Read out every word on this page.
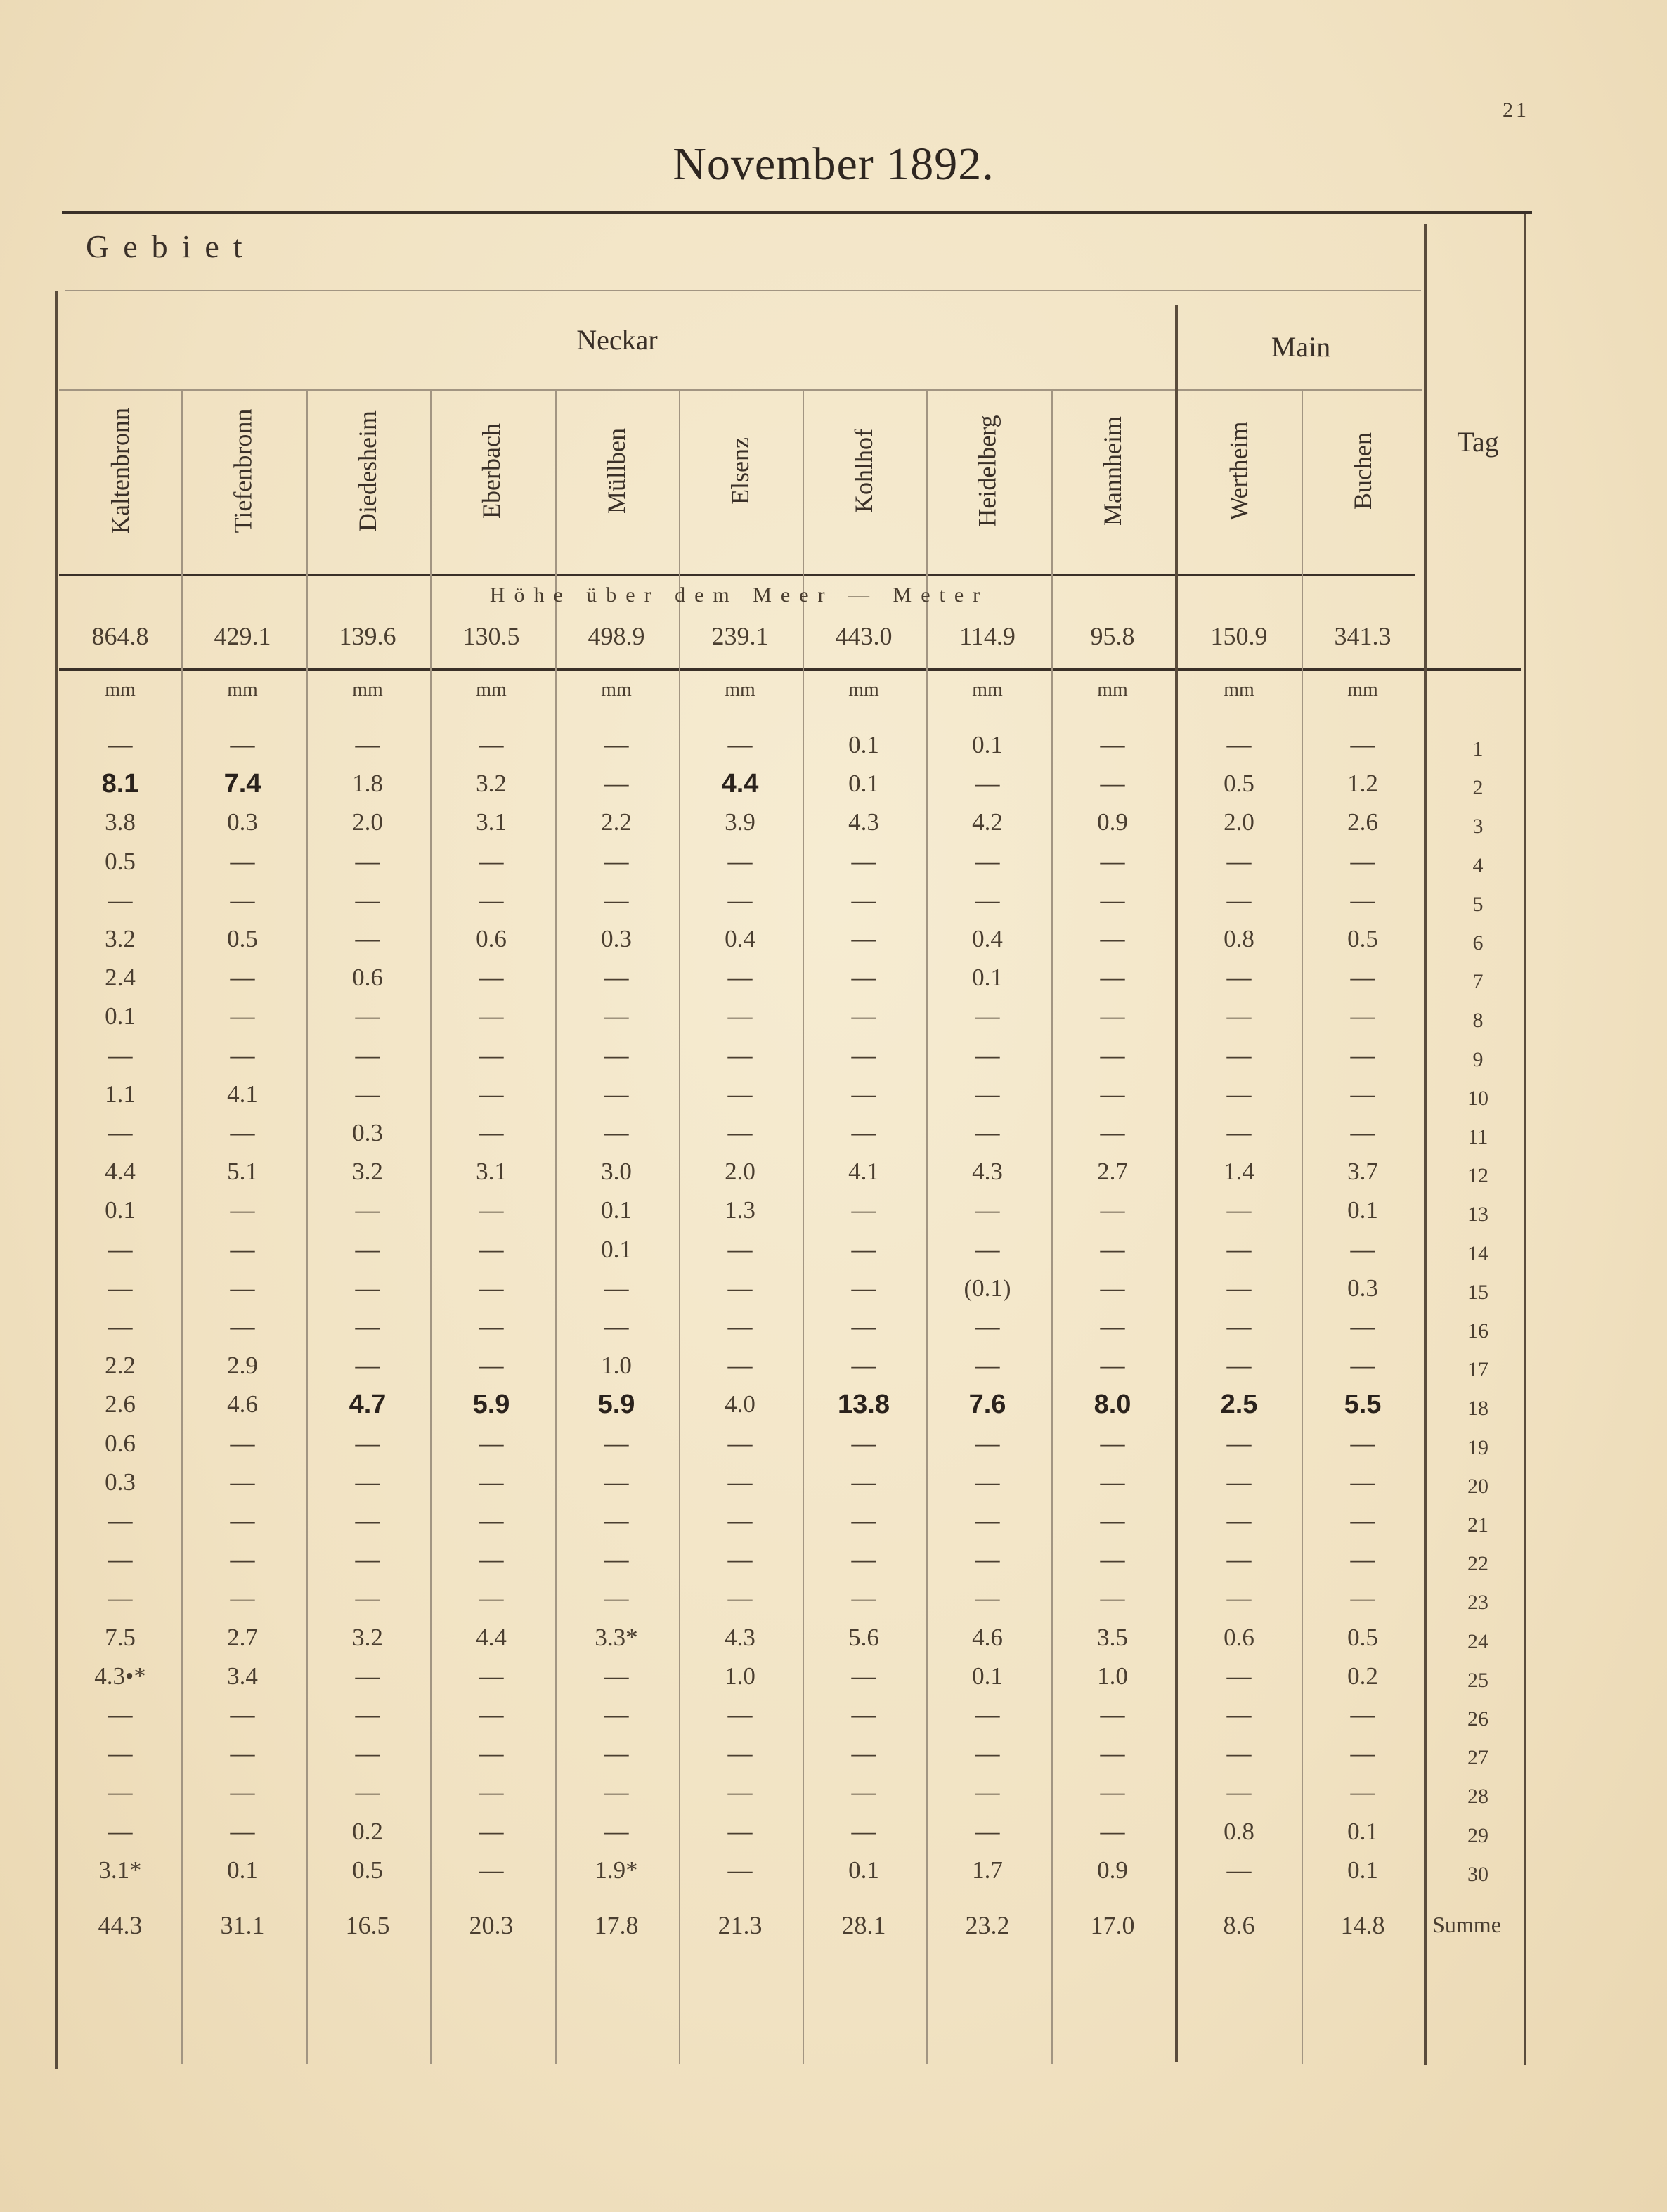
21
November 1892.
Gebiet
Neckar	Main
Tag
Kaltenbronn	Tiefenbronn	Diedesheim	Eberbach	Müllben	Elsenz	Kohlhof	Heidelberg	Mannheim	Wertheim	Buchen
Höhe über dem Meer — Meter
864.8	429.1	139.6	130.5	498.9	239.1	443.0	114.9	95.8	150.9	341.3
mm	mm	mm	mm	mm	mm	mm	mm	mm	mm	mm
—	—	—	—	—	—	0.1	0.1	—	—	—	1
8.1	7.4	1.8	3.2	—	4.4	0.1	—	—	0.5	1.2	2
3.8	0.3	2.0	3.1	2.2	3.9	4.3	4.2	0.9	2.0	2.6	3
0.5	—	—	—	—	—	—	—	—	—	—	4
—	—	—	—	—	—	—	—	—	—	—	5
3.2	0.5	—	0.6	0.3	0.4	—	0.4	—	0.8	0.5	6
2.4	—	0.6	—	—	—	—	0.1	—	—	—	7
0.1	—	—	—	—	—	—	—	—	—	—	8
—	—	—	—	—	—	—	—	—	—	—	9
1.1	4.1	—	—	—	—	—	—	—	—	—	10
—	—	0.3	—	—	—	—	—	—	—	—	11
4.4	5.1	3.2	3.1	3.0	2.0	4.1	4.3	2.7	1.4	3.7	12
0.1	—	—	—	0.1	1.3	—	—	—	—	0.1	13
—	—	—	—	0.1	—	—	—	—	—	—	14
—	—	—	—	—	—	—	(0.1)	—	—	0.3	15
—	—	—	—	—	—	—	—	—	—	—	16
2.2	2.9	—	—	1.0	—	—	—	—	—	—	17
2.6	4.6	4.7	5.9	5.9	4.0	13.8	7.6	8.0	2.5	5.5	18
0.6	—	—	—	—	—	—	—	—	—	—	19
0.3	—	—	—	—	—	—	—	—	—	—	20
—	—	—	—	—	—	—	—	—	—	—	21
—	—	—	—	—	—	—	—	—	—	—	22
—	—	—	—	—	—	—	—	—	—	—	23
7.5	2.7	3.2	4.4	3.3*	4.3	5.6	4.6	3.5	0.6	0.5	24
4.3•*	3.4	—	—	—	1.0	—	0.1	1.0	—	0.2	25
—	—	—	—	—	—	—	—	—	—	—	26
—	—	—	—	—	—	—	—	—	—	—	27
—	—	—	—	—	—	—	—	—	—	—	28
—	—	0.2	—	—	—	—	—	—	0.8	0.1	29
3.1*	0.1	0.5	—	1.9*	—	0.1	1.7	0.9	—	0.1	30
44.3	31.1	16.5	20.3	17.8	21.3	28.1	23.2	17.0	8.6	14.8	Summe
